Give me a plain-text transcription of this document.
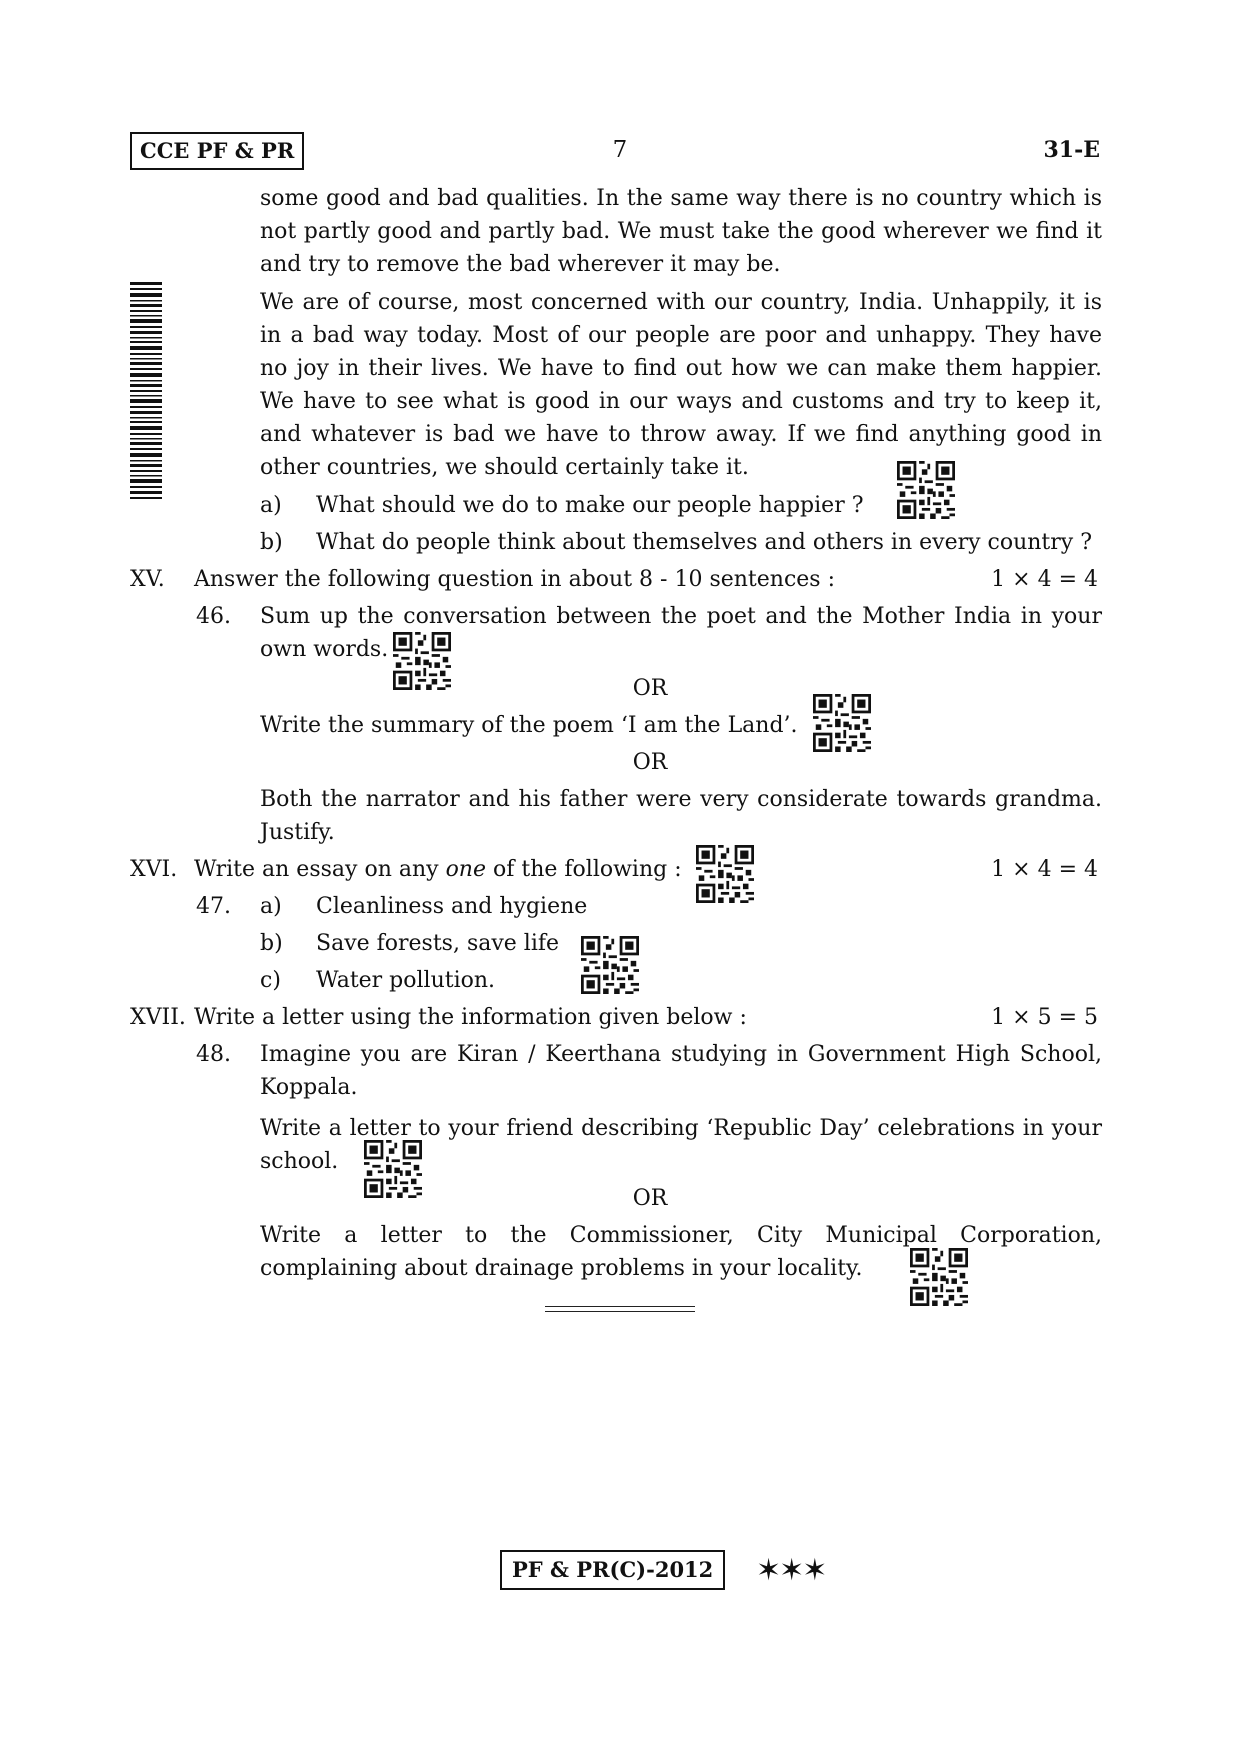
CCE PF & PR	7	31-E
some good and bad qualities. In the same way there is no country which is not partly good and partly bad. We must take the good wherever we find it and try to remove the bad wherever it may be.
We are of course, most concerned with our country, India. Unhappily, it is in a bad way today. Most of our people are poor and unhappy. They have no joy in their lives. We have to find out how we can make them happier. We have to see what is good in our ways and customs and try to keep it, and whatever is bad we have to throw away. If we find anything good in other countries, we should certainly take it.
a) What should we do to make our people happier ?
b) What do people think about themselves and others in every country ?
XV. Answer the following question in about 8 - 10 sentences :	1 × 4 = 4
46. Sum up the conversation between the poet and the Mother India in your own words.
OR
Write the summary of the poem ‘I am the Land’.
OR
Both the narrator and his father were very considerate towards grandma. Justify.
XVI. Write an essay on any one of the following :	1 × 4 = 4
47. a) Cleanliness and hygiene
b) Save forests, save life
c) Water pollution.
XVII. Write a letter using the information given below :	1 × 5 = 5
48. Imagine you are Kiran / Keerthana studying in Government High School, Koppala.
Write a letter to your friend describing ‘Republic Day’ celebrations in your school.
OR
Write a letter to the Commissioner, City Municipal Corporation, complaining about drainage problems in your locality.
PF & PR(C)-2012	✶✶✶
